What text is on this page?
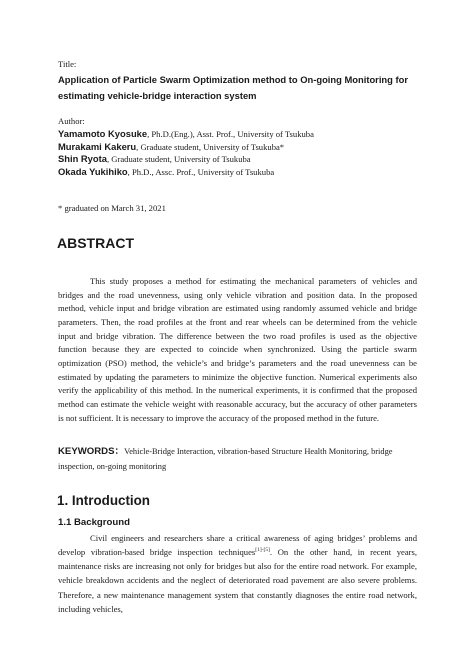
Title:
Application of Particle Swarm Optimization method to On-going Monitoring for estimating vehicle-bridge interaction system
Author:
Yamamoto Kyosuke, Ph.D.(Eng.), Asst. Prof., University of Tsukuba
Murakami Kakeru, Graduate student, University of Tsukuba*
Shin Ryota, Graduate student, University of Tsukuba
Okada Yukihiko, Ph.D., Assc. Prof., University of Tsukuba
* graduated on March 31, 2021
ABSTRACT
This study proposes a method for estimating the mechanical parameters of vehicles and bridges and the road unevenness, using only vehicle vibration and position data. In the proposed method, vehicle input and bridge vibration are estimated using randomly assumed vehicle and bridge parameters. Then, the road profiles at the front and rear wheels can be determined from the vehicle input and bridge vibration. The difference between the two road profiles is used as the objective function because they are expected to coincide when synchronized. Using the particle swarm optimization (PSO) method, the vehicle’s and bridge’s parameters and the road unevenness can be estimated by updating the parameters to minimize the objective function. Numerical experiments also verify the applicability of this method. In the numerical experiments, it is confirmed that the proposed method can estimate the vehicle weight with reasonable accuracy, but the accuracy of other parameters is not sufficient. It is necessary to improve the accuracy of the proposed method in the future.
KEYWORDS：Vehicle-Bridge Interaction, vibration-based Structure Health Monitoring, bridge inspection, on-going monitoring
1. Introduction
1.1 Background
Civil engineers and researchers share a critical awareness of aging bridges’ problems and develop vibration-based bridge inspection techniques[1]-[5]. On the other hand, in recent years, maintenance risks are increasing not only for bridges but also for the entire road network. For example, vehicle breakdown accidents and the neglect of deteriorated road pavement are also severe problems. Therefore, a new maintenance management system that constantly diagnoses the entire road network, including vehicles,
